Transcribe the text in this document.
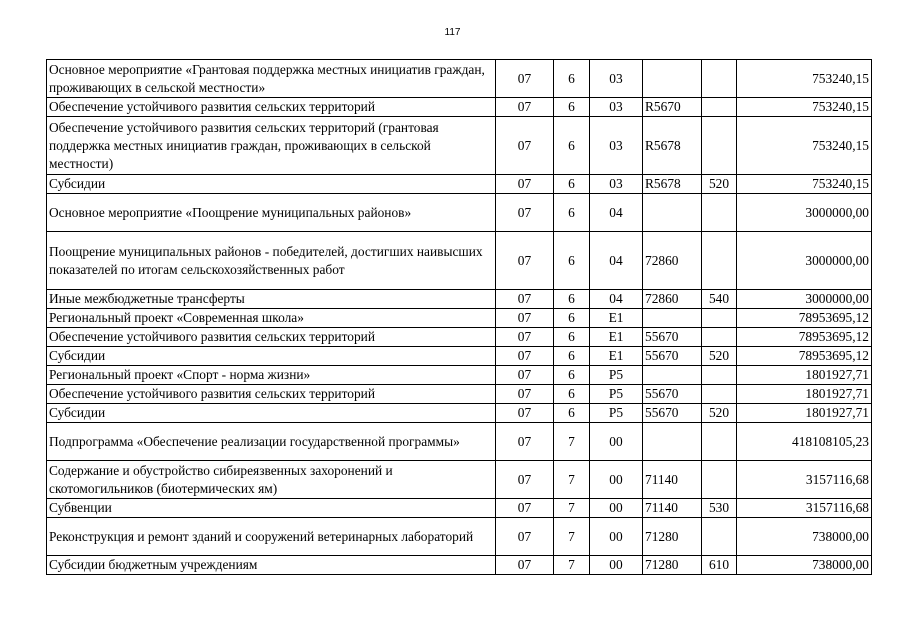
117
Основное мероприятие «Грантовая поддержка местных инициатив граждан, проживающих в сельской местности»	07	6	03			753240,15
Обеспечение устойчивого развития сельских территорий	07	6	03	R5670		753240,15
Обеспечение устойчивого развития сельских территорий (грантовая поддержка местных инициатив граждан, проживающих в сельской местности)	07	6	03	R5678		753240,15
Субсидии	07	6	03	R5678	520	753240,15
Основное мероприятие «Поощрение муниципальных районов»	07	6	04			3000000,00
Поощрение муниципальных районов - победителей, достигших наивысших показателей по итогам сельскохозяйственных работ	07	6	04	72860		3000000,00
Иные межбюджетные трансферты	07	6	04	72860	540	3000000,00
Региональный проект «Современная школа»	07	6	E1			78953695,12
Обеспечение устойчивого развития сельских территорий	07	6	E1	55670		78953695,12
Субсидии	07	6	E1	55670	520	78953695,12
Региональный проект «Спорт - норма жизни»	07	6	P5			1801927,71
Обеспечение устойчивого развития сельских территорий	07	6	P5	55670		1801927,71
Субсидии	07	6	P5	55670	520	1801927,71
Подпрограмма «Обеспечение реализации государственной программы»	07	7	00			418108105,23
Содержание и обустройство сибиреязвенных захоронений и скотомогильников (биотермических ям)	07	7	00	71140		3157116,68
Субвенции	07	7	00	71140	530	3157116,68
Реконструкция и ремонт зданий и сооружений ветеринарных лабораторий	07	7	00	71280		738000,00
Субсидии бюджетным учреждениям	07	7	00	71280	610	738000,00
